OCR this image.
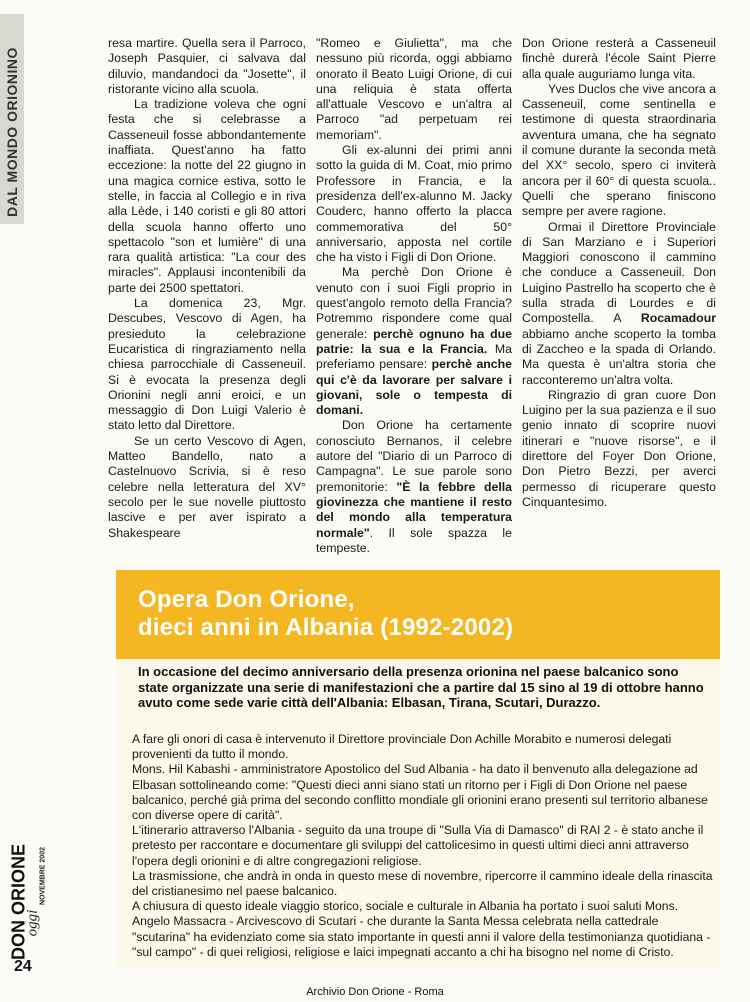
DAL MONDO ORIONINO
DON ORIONE
oggi
NOVEMBRE 2002
24

resa martire. Quella sera il Parroco, Joseph Pasquier, ci salvava dal diluvio, mandandoci da "Josette", il ristorante vicino alla scuola.

La tradizione voleva che ogni festa che si celebrasse a Casseneuil fosse abbondantemente inaffiata. Quest'anno ha fatto eccezione: la notte del 22 giugno in una magica cornice estiva, sotto le stelle, in faccia al Collegio e in riva alla Lède, i 140 coristi e gli 80 attori della scuola hanno offerto uno spettacolo "son et lumière" di una rara qualità artistica: "La cour des miracles". Applausi incontenibili da parte dei 2500 spettatori.

La domenica 23, Mgr. Descubes, Vescovo di Agen, ha presieduto la celebrazione Eucaristica di ringraziamento nella chiesa parrocchiale di Casseneuil. Si è evocata la presenza degli Orionini negli anni eroici, e un messaggio di Don Luigi Valerio è stato letto dal Direttore.

Se un certo Vescovo di Agen, Matteo Bandello, nato a Castelnuovo Scrivia, si è reso celebre nella letteratura del XV° secolo per le sue novelle piuttosto lascive e per aver ispirato a Shakespeare

"Romeo e Giulietta", ma che nessuno più ricorda, oggi abbiamo onorato il Beato Luigi Orione, di cui una reliquia è stata offerta all'attuale Vescovo e un'altra al Parroco "ad perpetuam rei memoriam".

Gli ex-alunni dei primi anni sotto la guida di M. Coat, mio primo Professore in Francia, e la presidenza dell'ex-alunno M. Jacky Couderc, hanno offerto la placca commemorativa del 50° anniversario, apposta nel cortile che ha visto i Figli di Don Orione.

Ma perchè Don Orione è venuto con i suoi Figli proprio in quest'angolo remoto della Francia? Potremmo rispondere come qual generale: perchè ognuno ha due patrie: la sua e la Francia. Ma preferiamo pensare: perchè anche qui c'è da lavorare per salvare i giovani, sole o tempesta di domani.

Don Orione ha certamente conosciuto Bernanos, il celebre autore del "Diario di un Parroco di Campagna". Le sue parole sono premonitorie: "È la febbre della giovinezza che mantiene il resto del mondo alla temperatura normale". Il sole spazza le tempeste.

Don Orione resterà a Casseneuil finchè durerà l'école Saint Pierre alla quale auguriamo lunga vita.

Yves Duclos che vive ancora a Casseneuil, come sentinella e testimone di questa straordinaria avventura umana, che ha segnato il comune durante la seconda metà del XX° secolo, spero ci inviterà ancora per il 60° di questa scuola.. Quelli che sperano finiscono sempre per avere ragione.

Ormai il Direttore Provinciale di San Marziano e i Superiori Maggiori conoscono il cammino che conduce a Casseneuil. Don Luigino Pastrello ha scoperto che è sulla strada di Lourdes e di Compostella. A Rocamadour abbiamo anche scoperto la tomba di Zaccheo e la spada di Orlando. Ma questa è un'altra storia che racconteremo un'altra volta.

Ringrazio di gran cuore Don Luigino per la sua pazienza e il suo genio innato di scoprire nuovi itinerari e "nuove risorse", e il direttore del Foyer Don Orione, Don Pietro Bezzi, per averci permesso di ricuperare questo Cinquantesimo.

Opera Don Orione,
dieci anni in Albania (1992-2002)
In occasione del decimo anniversario della presenza orionina nel paese balcanico sono state organizzate una serie di manifestazioni che a partire dal 15 sino al 19 di ottobre hanno avuto come sede varie città dell'Albania: Elbasan, Tirana, Scutari, Durazzo.

A fare gli onori di casa è intervenuto il Direttore provinciale Don Achille Morabito e numerosi delegati provenienti da tutto il mondo.

Mons. Hil Kabashi - amministratore Apostolico del Sud Albania - ha dato il benvenuto alla delegazione ad Elbasan sottolineando come: "Questi dieci anni siano stati un ritorno per i Figli di Don Orione nel paese balcanico, perché già prima del secondo conflitto mondiale gli orionini erano presenti sul territorio albanese con diverse opere di carità".

L'itinerario attraverso l'Albania - seguito da una troupe di "Sulla Via di Damasco" di RAI 2 - è stato anche il pretesto per raccontare e documentare gli sviluppi del cattolicesimo in questi ultimi dieci anni attraverso l'opera degli orionini e di altre congregazioni religiose.

La trasmissione, che andrà in onda in questo mese di novembre, ripercorre il cammino ideale della rinascita del cristianesimo nel paese balcanico.

A chiusura di questo ideale viaggio storico, sociale e culturale in Albania ha portato i suoi saluti Mons. Angelo Massacra - Arcivescovo di Scutari - che durante la Santa Messa celebrata nella cattedrale "scutarina" ha evidenziato come sia stato importante in questi anni il valore della testimonianza quotidiana - "sul campo" - di quei religiosi, religiose e laici impegnati accanto a chi ha bisogno nel nome di Cristo.

Archivio Don Orione - Roma
